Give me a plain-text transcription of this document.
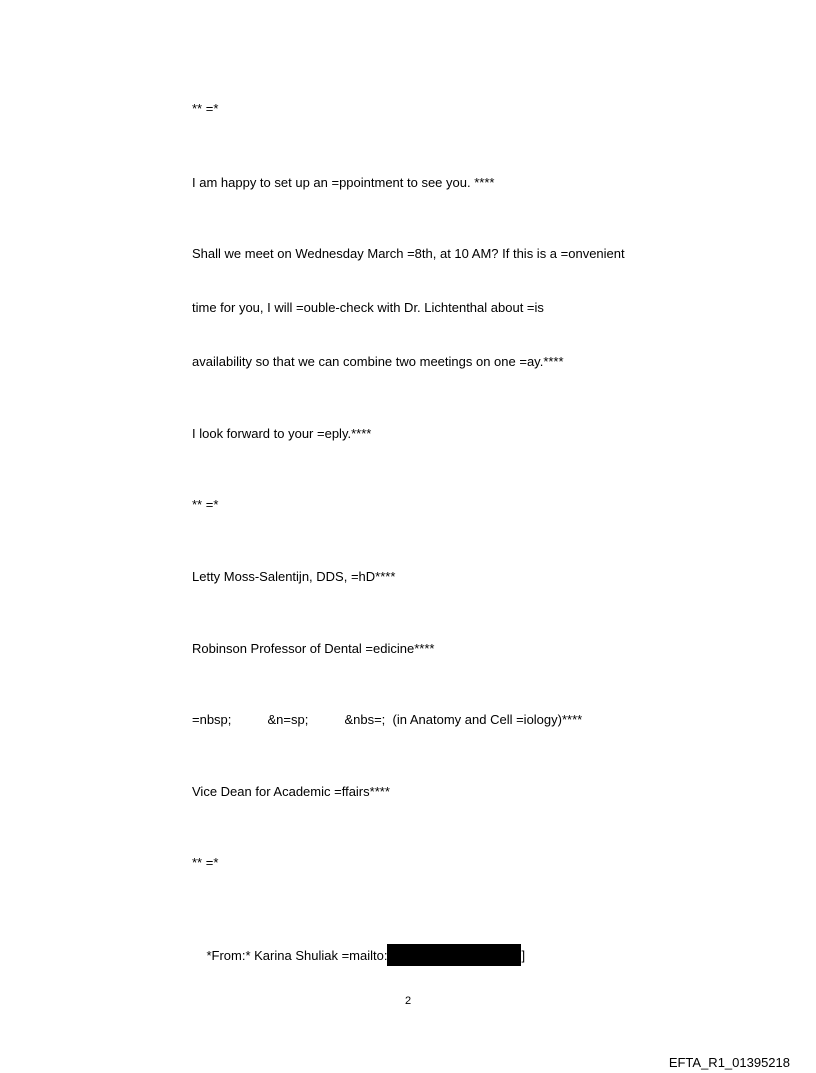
** =*
I am happy to set up an =ppointment to see you. ****
Shall we meet on Wednesday March =8th, at 10 AM? If this is a =onvenient
time for you, I will =ouble-check with Dr. Lichtenthal about =is
availability so that we can combine two meetings on one =ay.****
I look forward to your =eply.****
** =*
Letty Moss-Salentijn, DDS, =hD****
Robinson Professor of Dental =edicine****
=nbsp;          &n=sp;          &nbs=;  (in Anatomy and Cell =iology)****
Vice Dean for Academic =ffairs****
** =*

*From:* Karina Shuliak =mailto:	]

2
EFTA_R1_01395218
